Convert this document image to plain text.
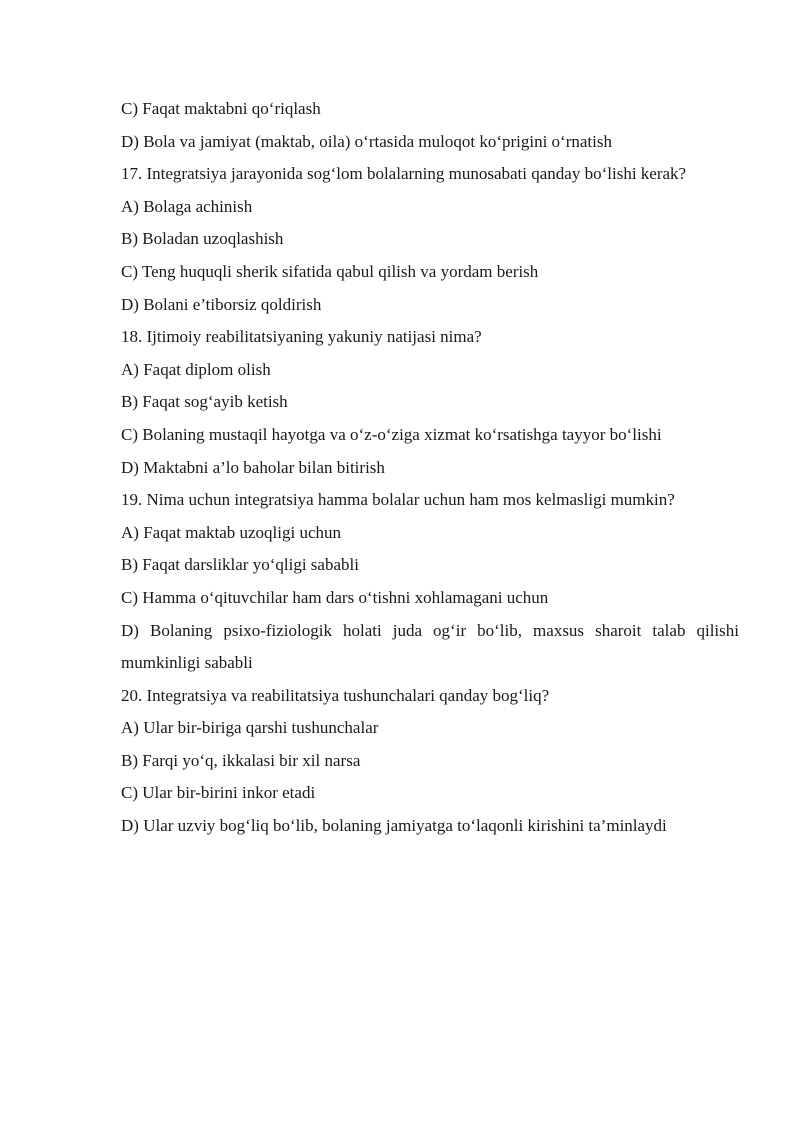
C) Faqat maktabni qo‘riqlash

D) Bola va jamiyat (maktab, oila) o‘rtasida muloqot ko‘prigini o‘rnatish

17. Integratsiya jarayonida sog‘lom bolalarning munosabati qanday bo‘lishi kerak?

A) Bolaga achinish

B) Boladan uzoqlashish

C) Teng huquqli sherik sifatida qabul qilish va yordam berish

D) Bolani e’tiborsiz qoldirish

18. Ijtimoiy reabilitatsiyaning yakuniy natijasi nima?

A) Faqat diplom olish

B) Faqat sog‘ayib ketish

C) Bolaning mustaqil hayotga va o‘z-o‘ziga xizmat ko‘rsatishga tayyor bo‘lishi

D) Maktabni a’lo baholar bilan bitirish

19. Nima uchun integratsiya hamma bolalar uchun ham mos kelmasligi mumkin?

A) Faqat maktab uzoqligi uchun

B) Faqat darsliklar yo‘qligi sababli

C) Hamma o‘qituvchilar ham dars o‘tishni xohlamagani uchun

D) Bolaning psixo-fiziologik holati juda og‘ir bo‘lib, maxsus sharoit talab qilishi mumkinligi sababli

20. Integratsiya va reabilitatsiya tushunchalari qanday bog‘liq?

A) Ular bir-biriga qarshi tushunchalar

B) Farqi yo‘q, ikkalasi bir xil narsa

C) Ular bir-birini inkor etadi

D) Ular uzviy bog‘liq bo‘lib, bolaning jamiyatga to‘laqonli kirishini ta’minlaydi
